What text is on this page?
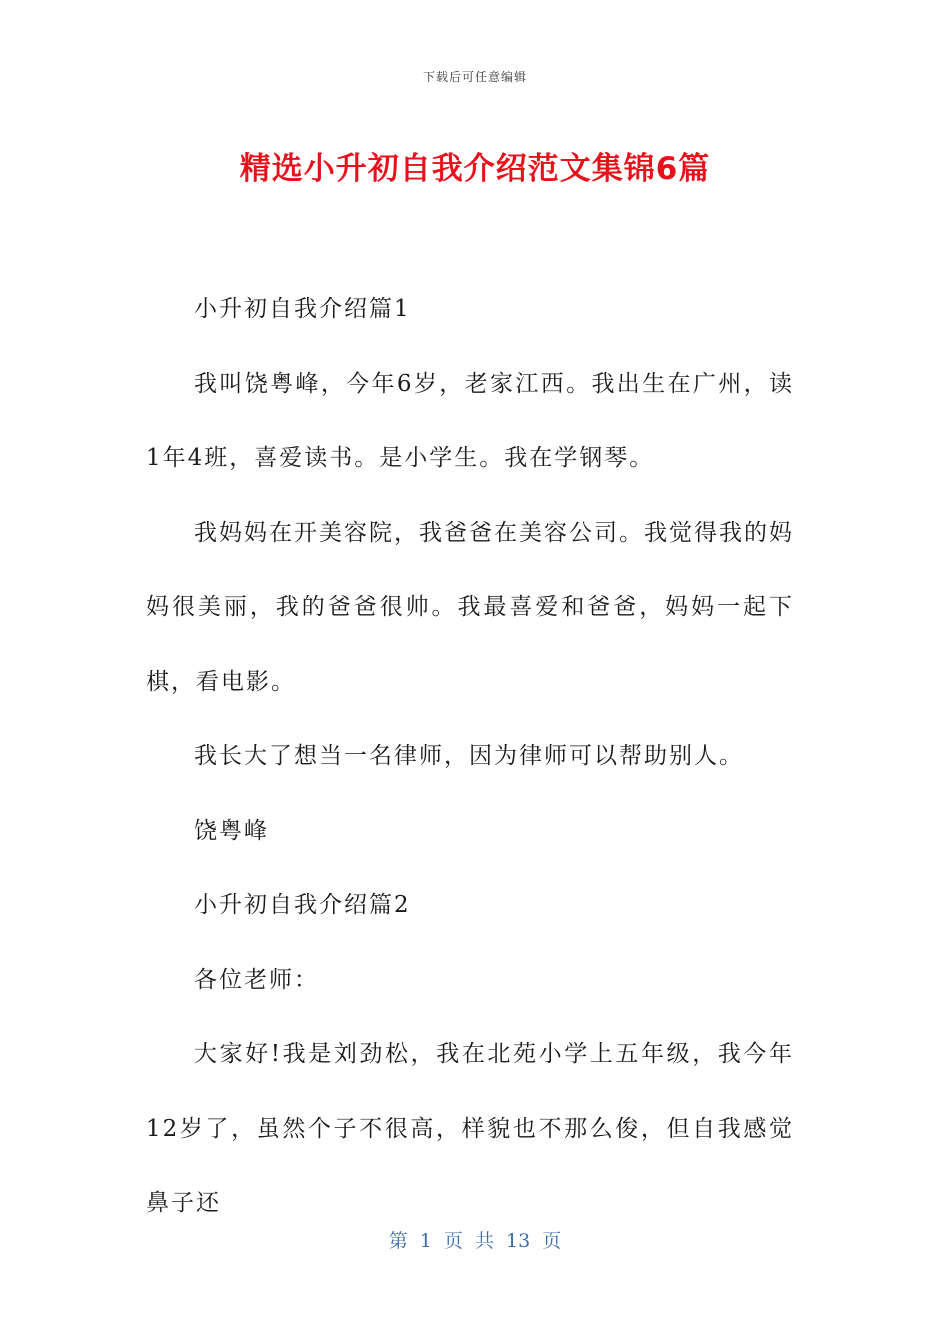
下载后可任意编辑
精选小升初自我介绍范文集锦6篇

小升初自我介绍篇1

我叫饶粤峰，今年6岁，老家江西。我出生在广州，读1年4班，喜爱读书。是小学生。我在学钢琴。

我妈妈在开美容院，我爸爸在美容公司。我觉得我的妈妈很美丽，我的爸爸很帅。我最喜爱和爸爸，妈妈一起下棋，看电影。

我长大了想当一名律师，因为律师可以帮助别人。

饶粤峰

小升初自我介绍篇2

各位老师：

大家好!我是刘劲松，我在北苑小学上五年级，我今年12岁了，虽然个子不很高，样貌也不那么俊，但自我感觉鼻子还

第 1 页 共 13 页
